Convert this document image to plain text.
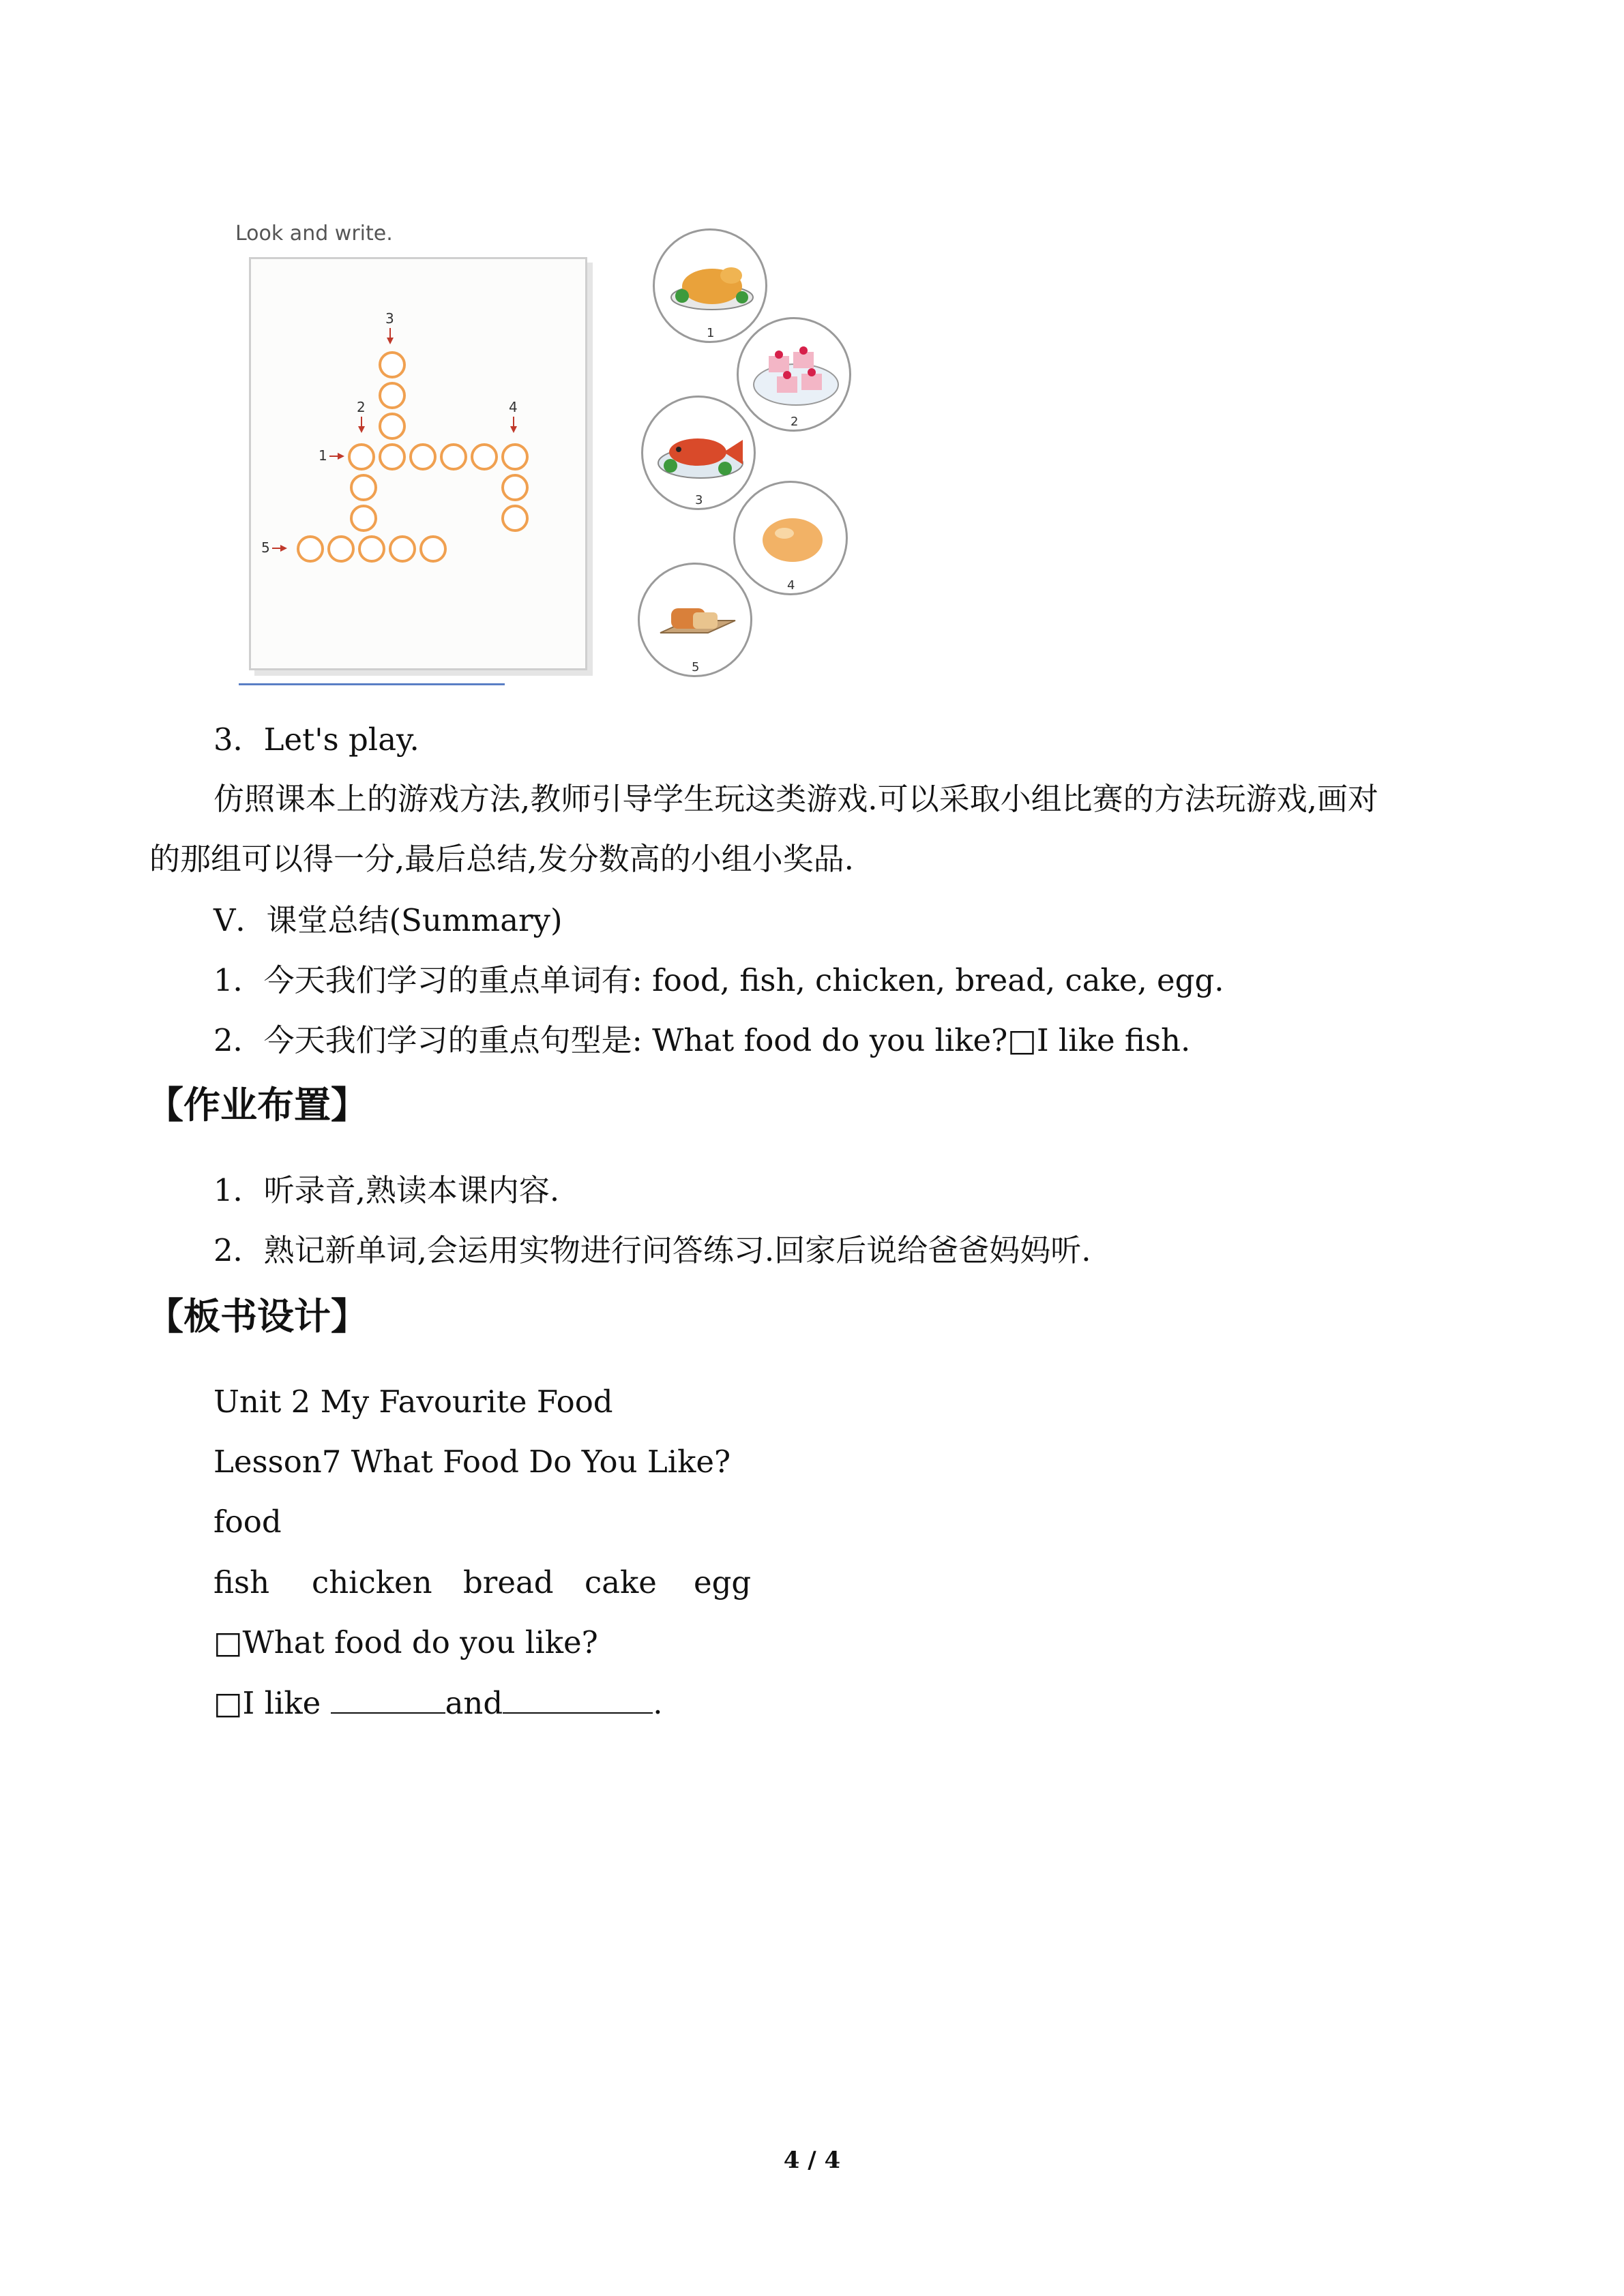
Look and write.
3
2	4
1
5
1
2
3
4
5
3．Let's play.
仿照课本上的游戏方法,教师引导学生玩这类游戏.可以采取小组比赛的方法玩游戏,画对
的那组可以得一分,最后总结,发分数高的小组小奖品.
Ⅴ．课堂总结(Summary)
1．今天我们学习的重点单词有: food, fish, chicken, bread, cake, egg.
2．今天我们学习的重点句型是: What food do you like?□I like fish.
【作业布置】
1．听录音,熟读本课内容.
2．熟记新单词,会运用实物进行问答练习.回家后说给爸爸妈妈听.
【板书设计】
Unit 2 My Favourite Food
Lesson7 What Food Do You Like?
food
fish chicken bread cake egg
□What food do you like?
□I like	and	.
4 / 4
